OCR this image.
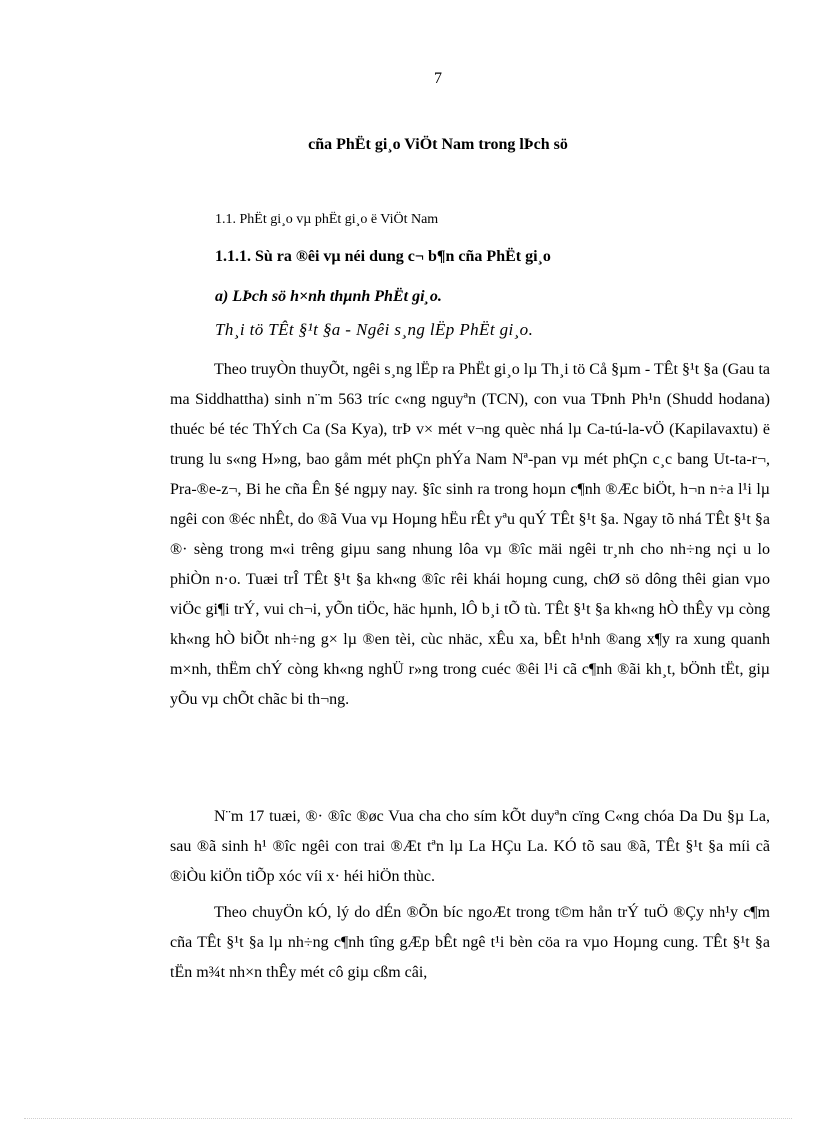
7
cña PhËt gi¸o ViÖt Nam trong lÞch sö
1.1. PhËt gi¸o vµ phËt gi¸o ë ViÖt Nam
1.1.1. Sù ra ®êi vµ néi dung c¬ b¶n cña PhËt gi¸o
a) LÞch sö h×nh thµnh PhËt gi¸o.
Th¸i tö TÊt §¹t §a - Ngêi s¸ng lËp PhËt gi¸o.

Theo truyÒn thuyÕt, ngêi s¸ng lËp ra PhËt gi¸o lµ Th¸i tö Cå §µm - TÊt §¹t §a (Gau ta ma Siddhattha) sinh n¨m 563 tríc c«ng nguyªn (TCN), con vua TÞnh Ph¹n (Shudd hodana) thuéc bé téc ThÝch Ca (Sa Kya), trÞ v× mét v¬ng quèc nhá lµ Ca-tú-la-vÖ (Kapilavaxtu) ë trung lu s«ng H»ng, bao gåm mét phÇn phÝa Nam Nª-pan vµ mét phÇn c¸c bang Ut-ta-r¬, Pra-®e-z¬, Bi he cña Ên §é ngµy nay. §îc sinh ra trong hoµn c¶nh ®Æc biÖt, h¬n n÷a l¹i lµ ngêi con ®éc nhÊt, do ®ã Vua vµ Hoµng hËu rÊt yªu quÝ TÊt §¹t §a. Ngay tõ nhá TÊt §¹t §a ®· sèng trong m«i trêng giµu sang nhung lôa vµ ®îc mäi ngêi tr¸nh cho nh÷ng nçi u lo phiÒn n·o. Tuæi trÎ TÊt §¹t §a kh«ng ®îc rêi khái hoµng cung, chØ sö dông thêi gian vµo viÖc gi¶i trÝ, vui ch¬i, yÕn tiÖc, häc hµnh, lÔ b¸i tÕ tù. TÊt §¹t §a kh«ng hÒ thÊy vµ còng kh«ng hÒ biÕt nh÷ng g× lµ ®en tèi, cùc nhäc, xÊu xa, bÊt h¹nh ®ang x¶y ra xung quanh m×nh, thËm chÝ còng kh«ng nghÜ r»ng trong cuéc ®êi l¹i cã c¶nh ®ãi kh¸t, bÖnh tËt, giµ yÕu vµ chÕt chãc bi th¬ng.

N¨m 17 tuæi, ®· ®îc ®øc Vua cha cho sím kÕt duyªn cïng C«ng chóa Da Du §µ La, sau ®ã sinh h¹ ®îc ngêi con trai ®Æt tªn lµ La HÇu La. KÓ tõ sau ®ã, TÊt §¹t §a míi cã ®iÒu kiÖn tiÕp xóc víi x· héi hiÖn thùc.

Theo chuyÖn kÓ, lý do dÉn ®Õn bíc ngoÆt trong t©m hån trÝ tuÖ ®Çy nh¹y c¶m cña TÊt §¹t §a lµ nh÷ng c¶nh tîng gÆp bÊt ngê t¹i bèn cöa ra vµo Hoµng cung. TÊt §¹t §a tËn m¾t nh×n thÊy mét cô giµ cßm câi,
